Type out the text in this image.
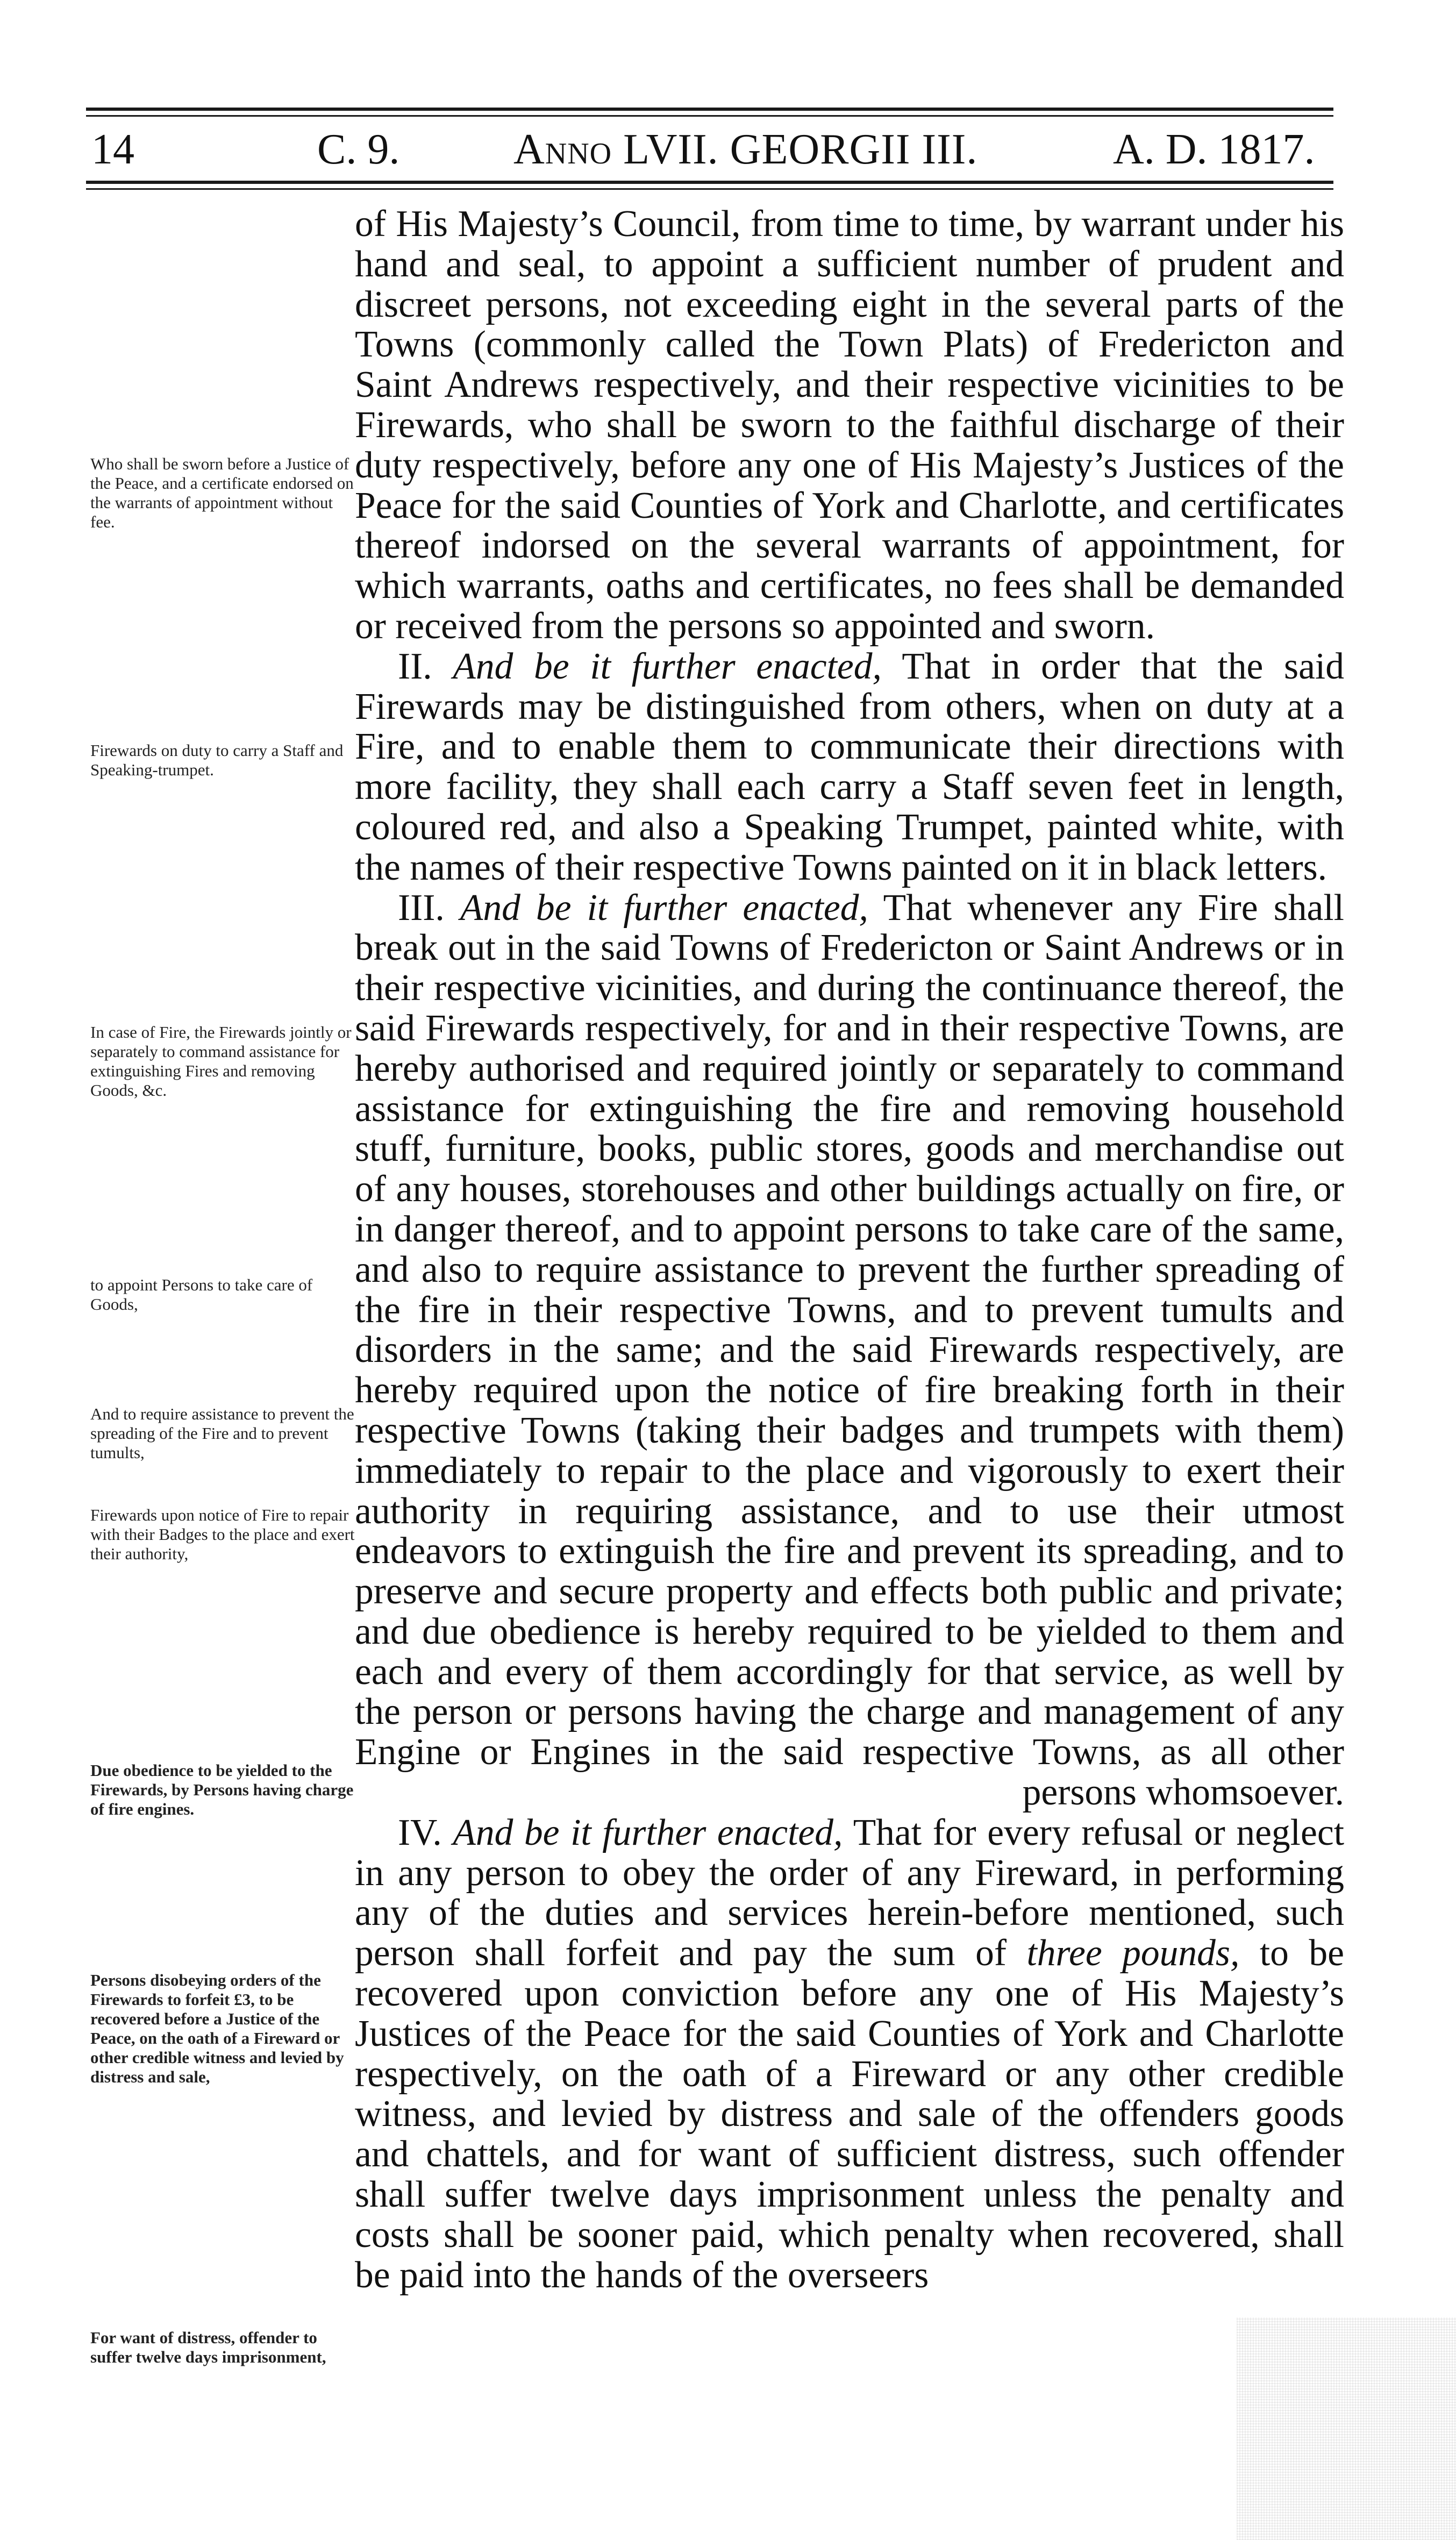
14	C. 9.	Anno LVII. GEORGII III.	A. D. 1817.
Who shall be sworn before a Justice of the Peace, and a certificate endorsed on the warrants of appointment without fee.
Firewards on duty to carry a Staff and Speaking-trumpet.
In case of Fire, the Firewards jointly or separately to command assistance for extinguishing Fires and removing Goods, &c.
to appoint Persons to take care of Goods,
And to require assistance to prevent the spreading of the Fire and to prevent tumults,
Firewards upon notice of Fire to repair with their Badges to the place and exert their authority,
Due obedience to be yielded to the Firewards, by Persons having charge of fire engines.
Persons disobeying orders of the Firewards to forfeit £3, to be recovered before a Justice of the Peace, on the oath of a Fireward or other credible witness and levied by distress and sale,
For want of distress, offender to suffer twelve days imprisonment,

of His Majesty’s Council, from time to time, by warrant under his hand and seal, to appoint a sufficient number of prudent and discreet persons, not exceeding eight in the several parts of the Towns (commonly called the Town Plats) of Fredericton and Saint Andrews respectively, and their respective vicinities to be Firewards, who shall be sworn to the faithful discharge of their duty respectively, before any one of His Majesty’s Justices of the Peace for the said Counties of York and Charlotte, and certificates thereof indorsed on the several warrants of appointment, for which warrants, oaths and certificates, no fees shall be demanded or received from the persons so appointed and sworn.

II. And be it further enacted, That in order that the said Firewards may be distinguished from others, when on duty at a Fire, and to enable them to communicate their directions with more facility, they shall each carry a Staff seven feet in length, coloured red, and also a Speaking Trumpet, painted white, with the names of their respective Towns painted on it in black letters.

III. And be it further enacted, That whenever any Fire shall break out in the said Towns of Fredericton or Saint Andrews or in their respective vicinities, and during the continuance thereof, the said Firewards respectively, for and in their respective Towns, are hereby authorised and required jointly or separately to command assistance for extinguishing the fire and removing household stuff, furniture, books, public stores, goods and merchandise out of any houses, storehouses and other buildings actually on fire, or in danger thereof, and to appoint persons to take care of the same, and also to require assistance to prevent the further spreading of the fire in their respective Towns, and to prevent tumults and disorders in the same; and the said Firewards respectively, are hereby required upon the notice of fire breaking forth in their respective Towns (taking their badges and trumpets with them) immediately to repair to the place and vigorously to exert their authority in requiring assistance, and to use their utmost endeavors to extinguish the fire and prevent its spreading, and to preserve and secure property and effects both public and private; and due obedience is hereby required to be yielded to them and each and every of them accordingly for that service, as well by the person or persons having the charge and management of any Engine or Engines in the said respective Towns, as all other persons whomsoever.

IV. And be it further enacted, That for every refusal or neglect in any person to obey the order of any Fireward, in performing any of the duties and services herein-before mentioned, such person shall forfeit and pay the sum of three pounds, to be recovered upon conviction before any one of His Majesty’s Justices of the Peace for the said Counties of York and Charlotte respectively, on the oath of a Fireward or any other credible witness, and levied by distress and sale of the offenders goods and chattels, and for want of sufficient distress, such offender shall suffer twelve days imprisonment unless the penalty and costs shall be sooner paid, which penalty when recovered, shall be paid into the hands of the overseers
